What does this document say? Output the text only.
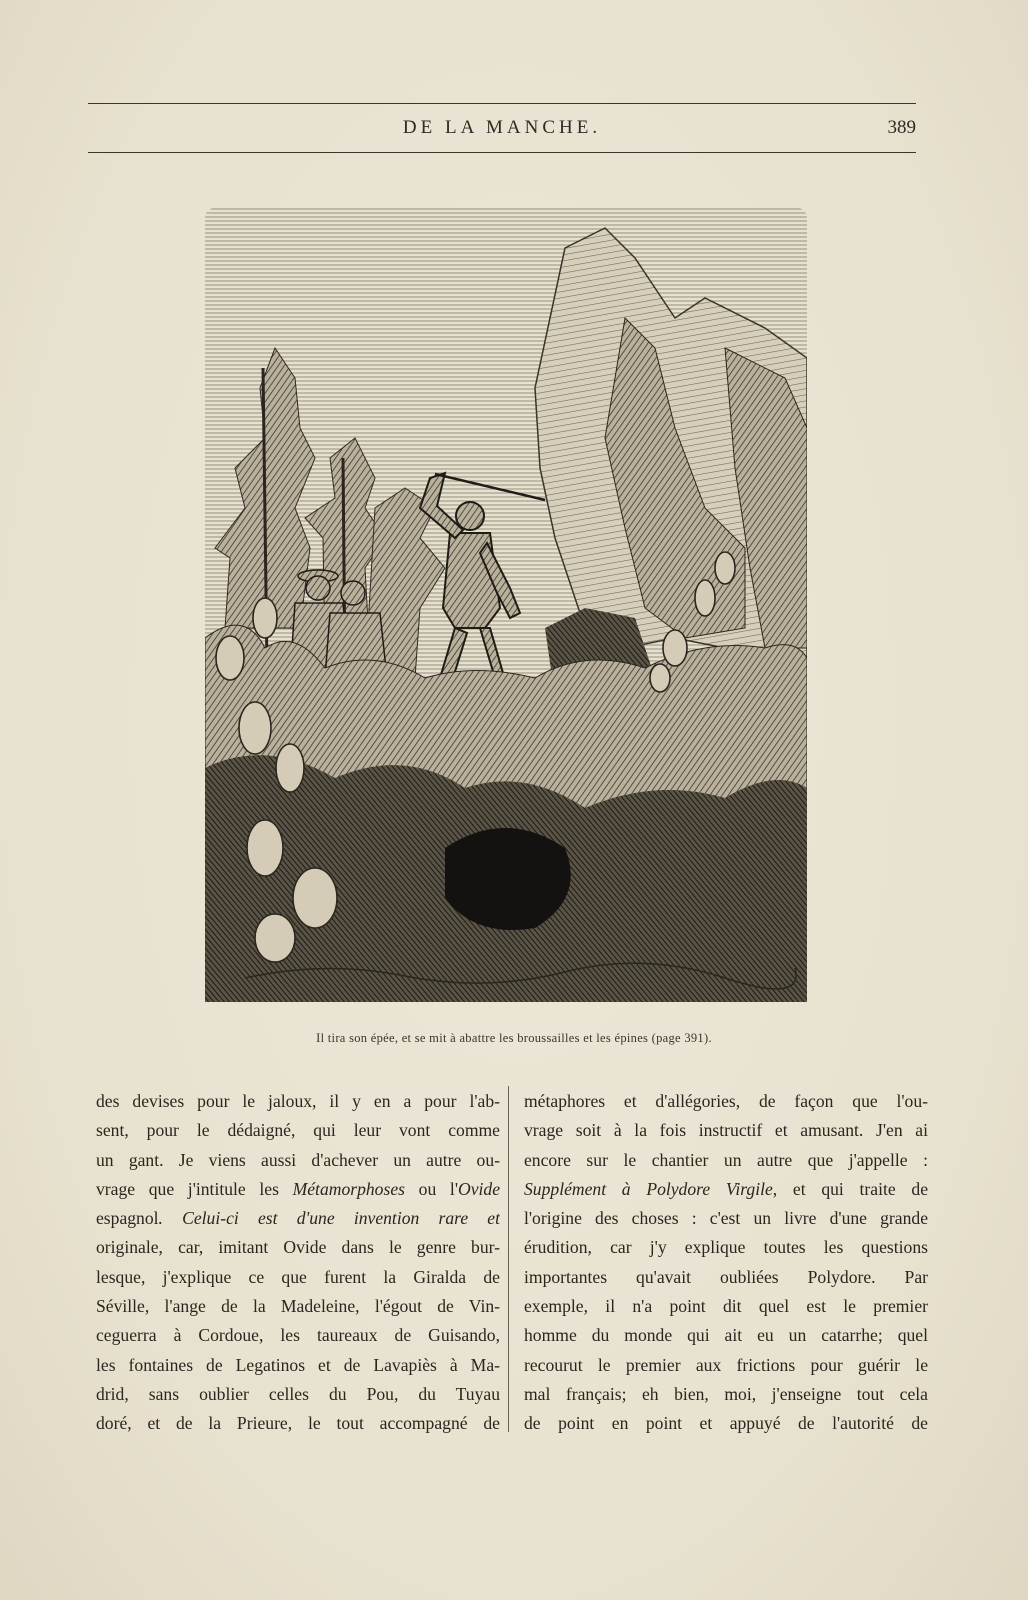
DE LA MANCHE.	389
Il tira son épée, et se mit à abattre les broussailles et les épines (page 391).
des devises pour le jaloux, il y en a pour l'ab-
sent, pour le dédaigné, qui leur vont comme
un gant. Je viens aussi d'achever un autre ou-
vrage que j'intitule les Métamorphoses ou l'Ovide
espagnol. Celui-ci est d'une invention rare et
originale, car, imitant Ovide dans le genre bur-
lesque, j'explique ce que furent la Giralda de
Séville, l'ange de la Madeleine, l'égout de Vin-
ceguerra à Cordoue, les taureaux de Guisando,
les fontaines de Legatinos et de Lavapiès à Ma-
drid, sans oublier celles du Pou, du Tuyau
doré, et de la Prieure, le tout accompagné de
métaphores et d'allégories, de façon que l'ou-
vrage soit à la fois instructif et amusant. J'en ai
encore sur le chantier un autre que j'appelle :
Supplément à Polydore Virgile, et qui traite de
l'origine des choses : c'est un livre d'une grande
érudition, car j'y explique toutes les questions
importantes qu'avait oubliées Polydore. Par
exemple, il n'a point dit quel est le premier
homme du monde qui ait eu un catarrhe; quel
recourut le premier aux frictions pour guérir le
mal français; eh bien, moi, j'enseigne tout cela
de point en point et appuyé de l'autorité de
